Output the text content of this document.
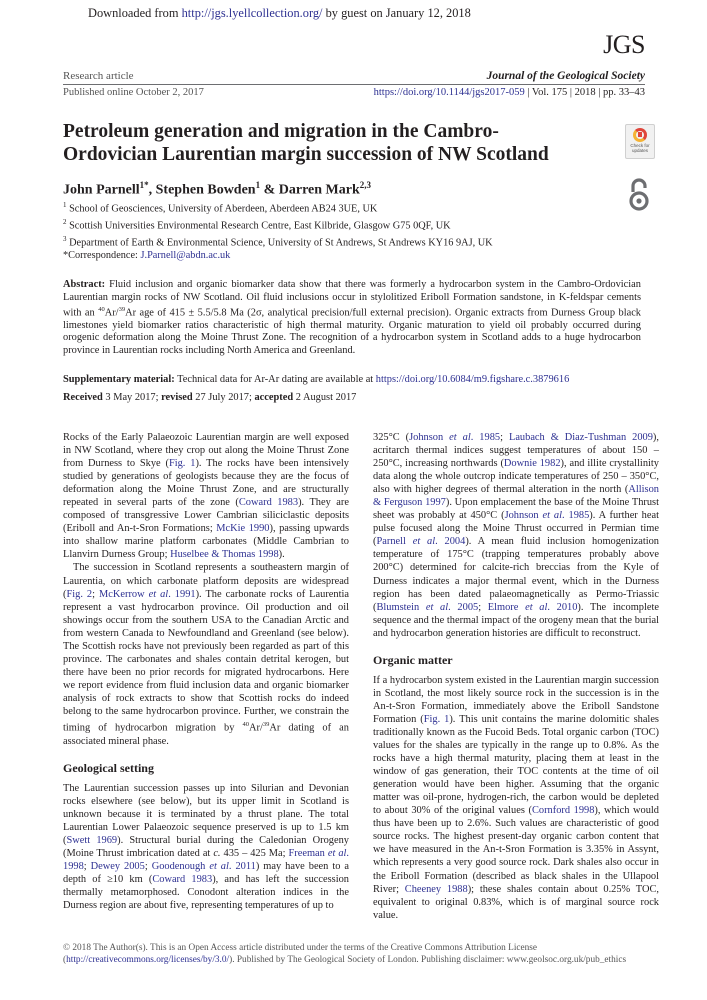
Downloaded from http://jgs.lyellcollection.org/ by guest on January 12, 2018
JGS
Research article	Journal of the Geological Society
Published online October 2, 2017	https://doi.org/10.1144/jgs2017-059 | Vol. 175 | 2018 | pp. 33–43
Check for
updates
Petroleum generation and migration in the Cambro-Ordovician Laurentian margin succession of NW Scotland
John Parnell$^{1*}$, Stephen Bowden$^1$ & Darren Mark$^{2,3}$
$^1$ School of Geosciences, University of Aberdeen, Aberdeen AB24 3UE, UK
$^2$ Scottish Universities Environmental Research Centre, East Kilbride, Glasgow G75 0QF, UK
$^3$ Department of Earth & Environmental Science, University of St Andrews, St Andrews KY16 9AJ, UK
*Correspondence: J.Parnell@abdn.ac.uk
Abstract: Fluid inclusion and organic biomarker data show that there was formerly a hydrocarbon system in the Cambro-Ordovician Laurentian margin rocks of NW Scotland. Oil fluid inclusions occur in stylolitized Eriboll Formation sandstone, in K-feldspar cements with an $^{40}$Ar/$^{39}$Ar age of 415 ± 5.5/5.8 Ma (2σ, analytical precision/full external precision). Organic extracts from Durness Group black limestones yield biomarker ratios characteristic of high thermal maturity. Organic maturation to yield oil probably occurred during orogenic deformation along the Moine Thrust Zone. The recognition of a hydrocarbon system in Scotland adds to a huge hydrocarbon province in Laurentian rocks including North America and Greenland.
Supplementary material: Technical data for Ar-Ar dating are available at https://doi.org/10.6084/m9.figshare.c.3879616
Received 3 May 2017; revised 27 July 2017; accepted 2 August 2017

Rocks of the Early Palaeozoic Laurentian margin are well exposed in NW Scotland, where they crop out along the Moine Thrust Zone from Durness to Skye (Fig. 1). The rocks have been intensively studied by generations of geologists because they are the focus of deformation along the Moine Thrust Zone, and are structurally repeated in several parts of the zone (Coward 1983). They are composed of transgressive Lower Cambrian siliciclastic deposits (Eriboll and An-t-Sron Formations; McKie 1990), passing upwards into shallow marine platform carbonates (Middle Cambrian to Llanvirn Durness Group; Huselbee & Thomas 1998).

The succession in Scotland represents a southeastern margin of Laurentia, on which carbonate platform deposits are widespread (Fig. 2; McKerrow et al. 1991). The carbonate rocks of Laurentia represent a vast hydrocarbon province. Oil production and oil showings occur from the southern USA to the Canadian Arctic and from western Canada to Newfoundland and Greenland (see below). The Scottish rocks have not previously been regarded as part of this province. The carbonates and shales contain detrital kerogen, but there have been no prior records for migrated hydrocarbons. Here we report evidence from fluid inclusion data and organic biomarker analysis of rock extracts to show that Scottish rocks do indeed belong to the same hydrocarbon province. Further, we constrain the timing of hydrocarbon migration by $^{40}$Ar/$^{39}$Ar dating of an associated mineral phase.

Geological setting

The Laurentian succession passes up into Silurian and Devonian rocks elsewhere (see below), but its upper limit in Scotland is unknown because it is terminated by a thrust plane. The total Laurentian Lower Palaeozoic sequence preserved is up to 1.5 km (Swett 1969). Structural burial during the Caledonian Orogeny (Moine Thrust imbrication dated at c. 435 – 425 Ma; Freeman et al. 1998; Dewey 2005; Goodenough et al. 2011) may have been to a depth of ≥10 km (Coward 1983), and has left the succession thermally metamorphosed. Conodont alteration indices in the Durness region are about five, representing temperatures of up to

325°C (Johnson et al. 1985; Laubach & Diaz-Tushman 2009), acritarch thermal indices suggest temperatures of about 150 – 250°C, increasing northwards (Downie 1982), and illite crystallinity data along the whole outcrop indicate temperatures of 250 – 350°C, also with higher degrees of thermal alteration in the north (Allison & Ferguson 1997). Upon emplacement the base of the Moine Thrust sheet was probably at 450°C (Johnson et al. 1985). A further heat pulse focused along the Moine Thrust occurred in Permian time (Parnell et al. 2004). A mean fluid inclusion homogenization temperature of 175°C (trapping temperatures probably above 200°C) determined for calcite-rich breccias from the Kyle of Durness indicates a major thermal event, which in the Durness region has been dated palaeomagnetically as Permo-Triassic (Blumstein et al. 2005; Elmore et al. 2010). The incomplete sequence and the thermal impact of the orogeny mean that the burial and hydrocarbon generation histories are difficult to reconstruct.

Organic matter

If a hydrocarbon system existed in the Laurentian margin succession in Scotland, the most likely source rock in the succession is in the An-t-Sron Formation, immediately above the Eriboll Sandstone Formation (Fig. 1). This unit contains the marine dolomitic shales traditionally known as the Fucoid Beds. Total organic carbon (TOC) values for the shales are typically in the range up to 0.8%. As the rocks have a high thermal maturity, placing them at least in the window of gas generation, their TOC contents at the time of oil generation would have been higher. Assuming that the organic matter was oil-prone, hydrogen-rich, the carbon would be depleted to about 30% of the original values (Cornford 1998), which would thus have been up to 2.6%. Such values are characteristic of good source rocks. The highest present-day organic carbon content that we have measured in the An-t-Sron Formation is 3.35% in Assynt, which represents a very good source rock. Dark shales also occur in the Eriboll Formation (described as black shales in the Ullapool River; Cheeney 1988); these shales contain about 0.25% TOC, equivalent to original 0.83%, which is of marginal source rock value.

© 2018 The Author(s). This is an Open Access article distributed under the terms of the Creative Commons Attribution License (http://creativecommons.org/licenses/by/3.0/). Published by The Geological Society of London. Publishing disclaimer: www.geolsoc.org.uk/pub_ethics
